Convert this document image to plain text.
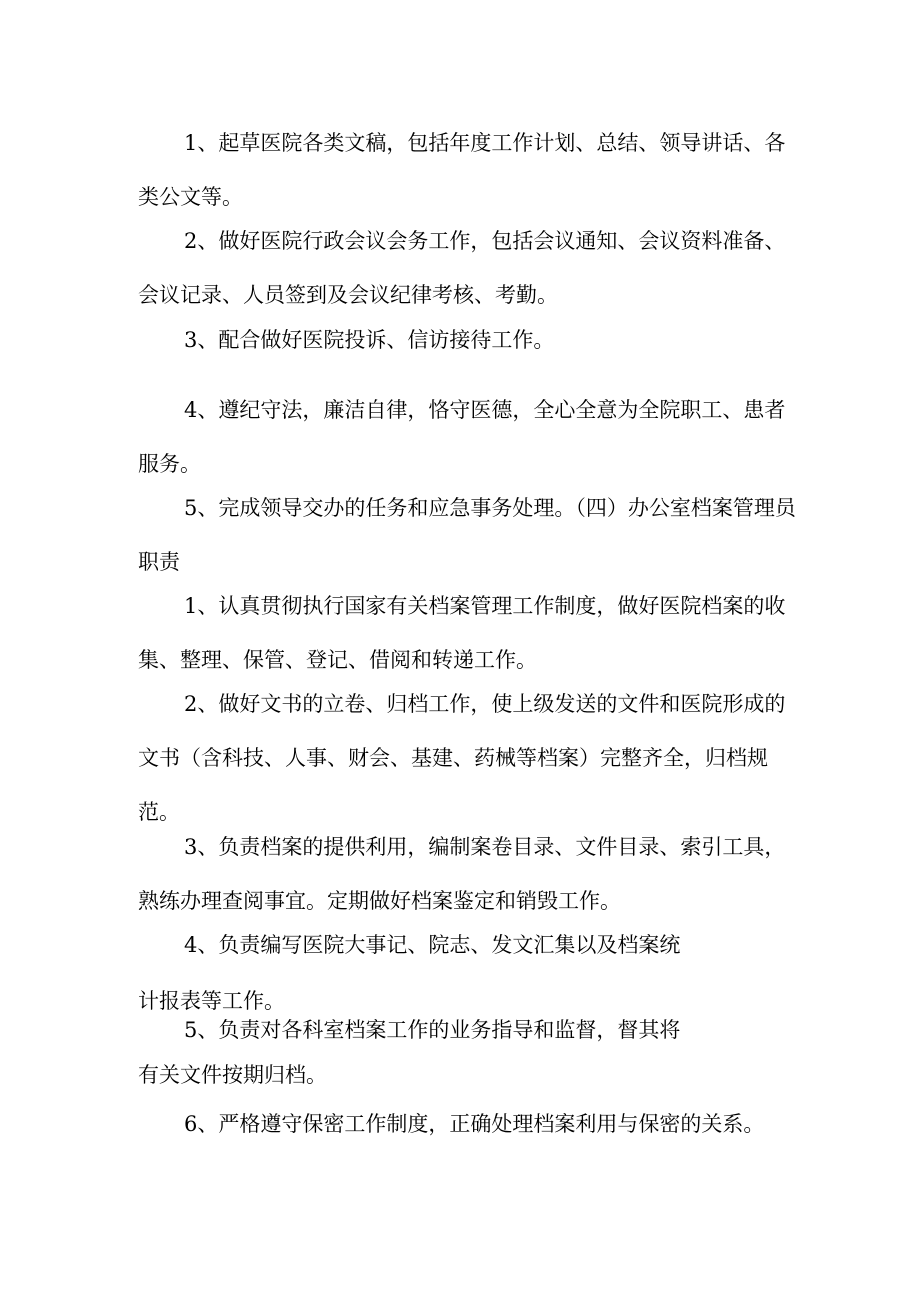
1、起草医院各类文稿，包括年度工作计划、总结、领导讲话、各类公文等。

2、做好医院行政会议会务工作，包括会议通知、会议资料准备、会议记录、人员签到及会议纪律考核、考勤。

3、配合做好医院投诉、信访接待工作。

4、遵纪守法，廉洁自律，恪守医德，全心全意为全院职工、患者服务。

5、完成领导交办的任务和应急事务处理。（四）办公室档案管理员职责

1、认真贯彻执行国家有关档案管理工作制度，做好医院档案的收集、整理、保管、登记、借阅和转递工作。

2、做好文书的立卷、归档工作，使上级发送的文件和医院形成的文书（含科技、人事、财会、基建、药械等档案）完整齐全，归档规范。

3、负责档案的提供利用，编制案卷目录、文件目录、索引工具，熟练办理查阅事宜。定期做好档案鉴定和销毁工作。

4、负责编写医院大事记、院志、发文汇集以及档案统

计报表等工作。

5、负责对各科室档案工作的业务指导和监督，督其将

有关文件按期归档。

6、严格遵守保密工作制度，正确处理档案利用与保密的关系。
